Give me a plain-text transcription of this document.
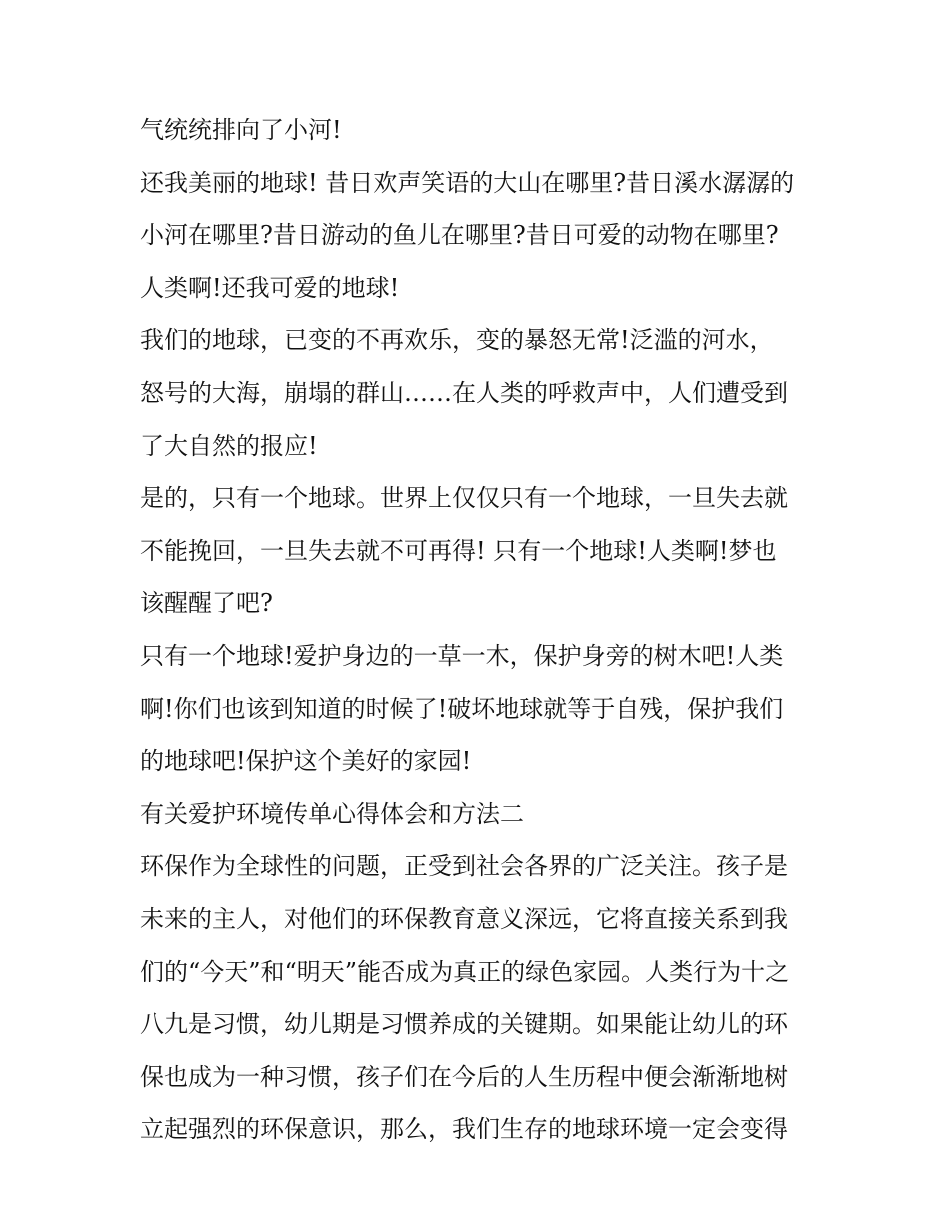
气统统排向了小河!
还我美丽的地球! 昔日欢声笑语的大山在哪里?昔日溪水潺潺的
小河在哪里?昔日游动的鱼儿在哪里?昔日可爱的动物在哪里?
人类啊!还我可爱的地球!
我们的地球，已变的不再欢乐，变的暴怒无常!泛滥的河水，
怒号的大海，崩塌的群山……在人类的呼救声中，人们遭受到
了大自然的报应!
是的，只有一个地球。世界上仅仅只有一个地球，一旦失去就
不能挽回，一旦失去就不可再得! 只有一个地球!人类啊!梦也
该醒醒了吧?
只有一个地球!爱护身边的一草一木，保护身旁的树木吧!人类
啊!你们也该到知道的时候了!破坏地球就等于自残，保护我们
的地球吧!保护这个美好的家园!
有关爱护环境传单心得体会和方法二
环保作为全球性的问题，正受到社会各界的广泛关注。孩子是
未来的主人，对他们的环保教育意义深远，它将直接关系到我
们的“今天”和“明天”能否成为真正的绿色家园。人类行为十之
八九是习惯，幼儿期是习惯养成的关键期。如果能让幼儿的环
保也成为一种习惯，孩子们在今后的人生历程中便会渐渐地树
立起强烈的环保意识，那么，我们生存的地球环境一定会变得
